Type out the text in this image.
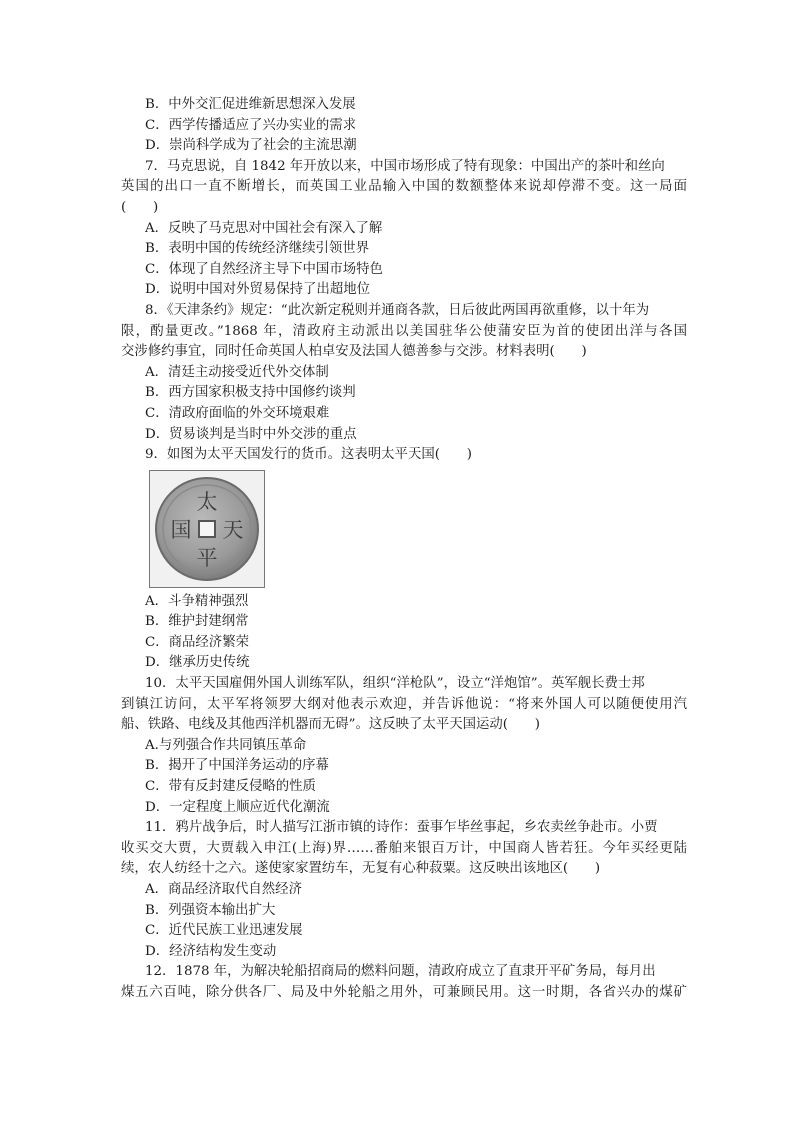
B．中外交汇促进维新思想深入发展
C．西学传播适应了兴办实业的需求
D．崇尚科学成为了社会的主流思潮
7．马克思说，自 1842 年开放以来，中国市场形成了特有现象：中国出产的茶叶和丝向
英国的出口一直不断增长，而英国工业品输入中国的数额整体来说却停滞不变。这一局面
(　　)
A．反映了马克思对中国社会有深入了解
B．表明中国的传统经济继续引领世界
C．体现了自然经济主导下中国市场特色
D．说明中国对外贸易保持了出超地位
8．《天津条约》规定：“此次新定税则并通商各款，日后彼此两国再欲重修，以十年为
限，酌量更改。”1868 年，清政府主动派出以美国驻华公使蒲安臣为首的使团出洋与各国
交涉修约事宜，同时任命英国人柏卓安及法国人德善参与交涉。材料表明(　　)
A．清廷主动接受近代外交体制
B．西方国家积极支持中国修约谈判
C．清政府面临的外交环境艰难
D．贸易谈判是当时中外交涉的重点
9．如图为太平天国发行的货币。这表明太平天国(　　)
太
天
平
国
A．斗争精神强烈
B．维护封建纲常
C．商品经济繁荣
D．继承历史传统
10．太平天国雇佣外国人训练军队，组织“洋枪队”，设立“洋炮馆”。英军舰长费士邦
到镇江访问，太平军将领罗大纲对他表示欢迎，并告诉他说：“将来外国人可以随便使用汽
船、铁路、电线及其他西洋机器而无碍”。这反映了太平天国运动(　　)
A.与列强合作共同镇压革命
B．揭开了中国洋务运动的序幕
C．带有反封建反侵略的性质
D．一定程度上顺应近代化潮流
11．鸦片战争后，时人描写江浙市镇的诗作：蚕事乍毕丝事起，乡农卖丝争赴市。小贾
收买交大贾，大贾载入申江(上海)界……番舶来银百万计，中国商人皆若狂。今年买经更陆
续，农人纺经十之六。遂使家家置纺车，无复有心种菽粟。这反映出该地区(　　)
A．商品经济取代自然经济
B．列强资本输出扩大
C．近代民族工业迅速发展
D．经济结构发生变动
12．1878 年，为解决轮船招商局的燃料问题，清政府成立了直隶开平矿务局，每月出
煤五六百吨，除分供各厂、局及中外轮船之用外，可兼顾民用。这一时期，各省兴办的煤矿
